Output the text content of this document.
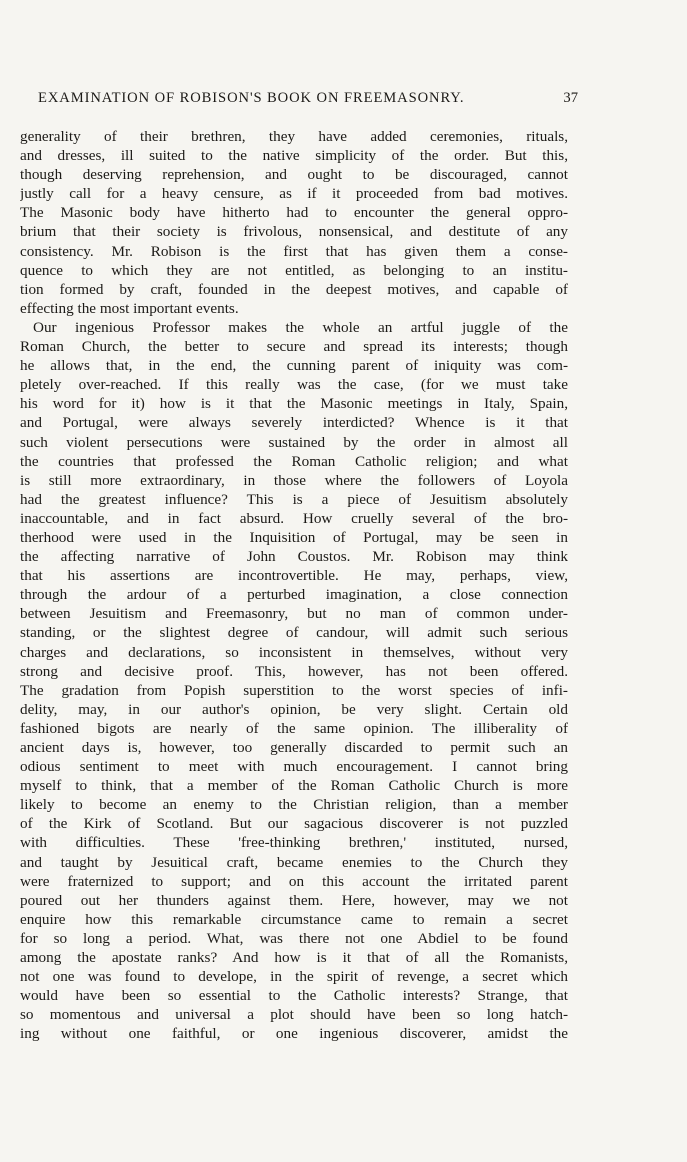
EXAMINATION OF ROBISON'S BOOK ON FREEMASONRY.	37
generality of their brethren, they have added ceremonies, rituals,
and dresses, ill suited to the native simplicity of the order. But this,
though deserving reprehension, and ought to be discouraged, cannot
justly call for a heavy censure, as if it proceeded from bad motives.
The Masonic body have hitherto had to encounter the general oppro-
brium that their society is frivolous, nonsensical, and destitute of any
consistency. Mr. Robison is the first that has given them a conse-
quence to which they are not entitled, as belonging to an institu-
tion formed by craft, founded in the deepest motives, and capable of
effecting the most important events.
Our ingenious Professor makes the whole an artful juggle of the
Roman Church, the better to secure and spread its interests; though
he allows that, in the end, the cunning parent of iniquity was com-
pletely over-reached. If this really was the case, (for we must take
his word for it) how is it that the Masonic meetings in Italy, Spain,
and Portugal, were always severely interdicted? Whence is it that
such violent persecutions were sustained by the order in almost all
the countries that professed the Roman Catholic religion; and what
is still more extraordinary, in those where the followers of Loyola
had the greatest influence? This is a piece of Jesuitism absolutely
inaccountable, and in fact absurd. How cruelly several of the bro-
therhood were used in the Inquisition of Portugal, may be seen in
the affecting narrative of John Coustos. Mr. Robison may think
that his assertions are incontrovertible. He may, perhaps, view,
through the ardour of a perturbed imagination, a close connection
between Jesuitism and Freemasonry, but no man of common under-
standing, or the slightest degree of candour, will admit such serious
charges and declarations, so inconsistent in themselves, without very
strong and decisive proof. This, however, has not been offered.
The gradation from Popish superstition to the worst species of infi-
delity, may, in our author's opinion, be very slight. Certain old
fashioned bigots are nearly of the same opinion. The illiberality of
ancient days is, however, too generally discarded to permit such an
odious sentiment to meet with much encouragement. I cannot bring
myself to think, that a member of the Roman Catholic Church is more
likely to become an enemy to the Christian religion, than a member
of the Kirk of Scotland. But our sagacious discoverer is not puzzled
with difficulties. These 'free-thinking brethren,' instituted, nursed,
and taught by Jesuitical craft, became enemies to the Church they
were fraternized to support; and on this account the irritated parent
poured out her thunders against them. Here, however, may we not
enquire how this remarkable circumstance came to remain a secret
for so long a period. What, was there not one Abdiel to be found
among the apostate ranks? And how is it that of all the Romanists,
not one was found to develope, in the spirit of revenge, a secret which
would have been so essential to the Catholic interests? Strange, that
so momentous and universal a plot should have been so long hatch-
ing without one faithful, or one ingenious discoverer, amidst the
